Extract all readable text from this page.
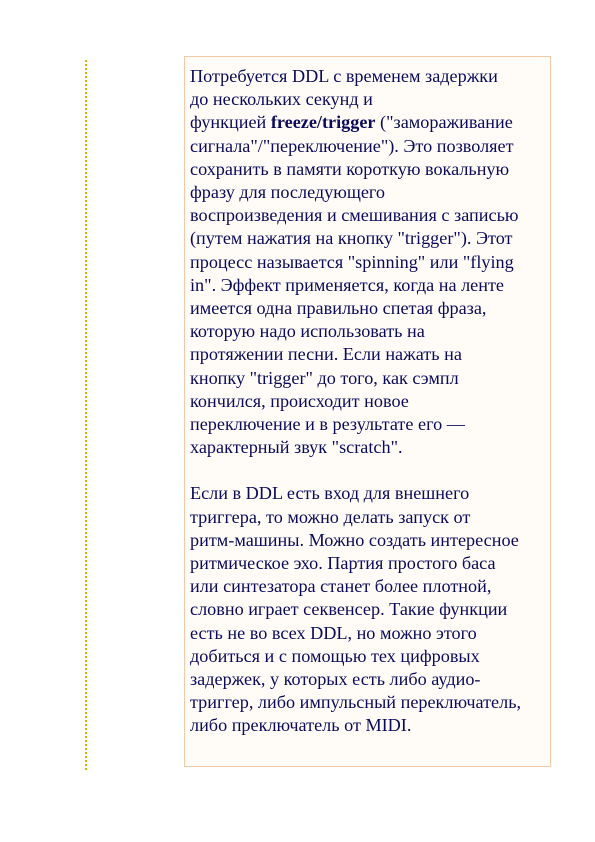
Потребуется DDL с временем задержки
до нескольких секунд и
функцией freeze/trigger ("замораживание
сигнала"/"переключение"). Это позволяет
сохранить в памяти короткую вокальную
фразу для последующего
воспроизведения и смешивания с записью
(путем нажатия на кнопку "trigger"). Этот
процесс называется "spinning" или "flying
in". Эффект применяется, когда на ленте
имеется одна правильно спетая фраза,
которую надо использовать на
протяжении песни. Если нажать на
кнопку "trigger" до того, как сэмпл
кончился, происходит новое
переключение и в результате его —
характерный звук "scratch".

Если в DDL есть вход для внешнего
триггера, то можно делать запуск от
ритм-машины. Можно создать интересное
ритмическое эхо. Партия простого баса
или синтезатора станет более плотной,
словно играет секвенсер. Такие функции
есть не во всех DDL, но можно этого
добиться и с помощью тех цифровых
задержек, у которых есть либо аудио-
триггер, либо импульсный переключатель,
либо преключатель от MIDI.
